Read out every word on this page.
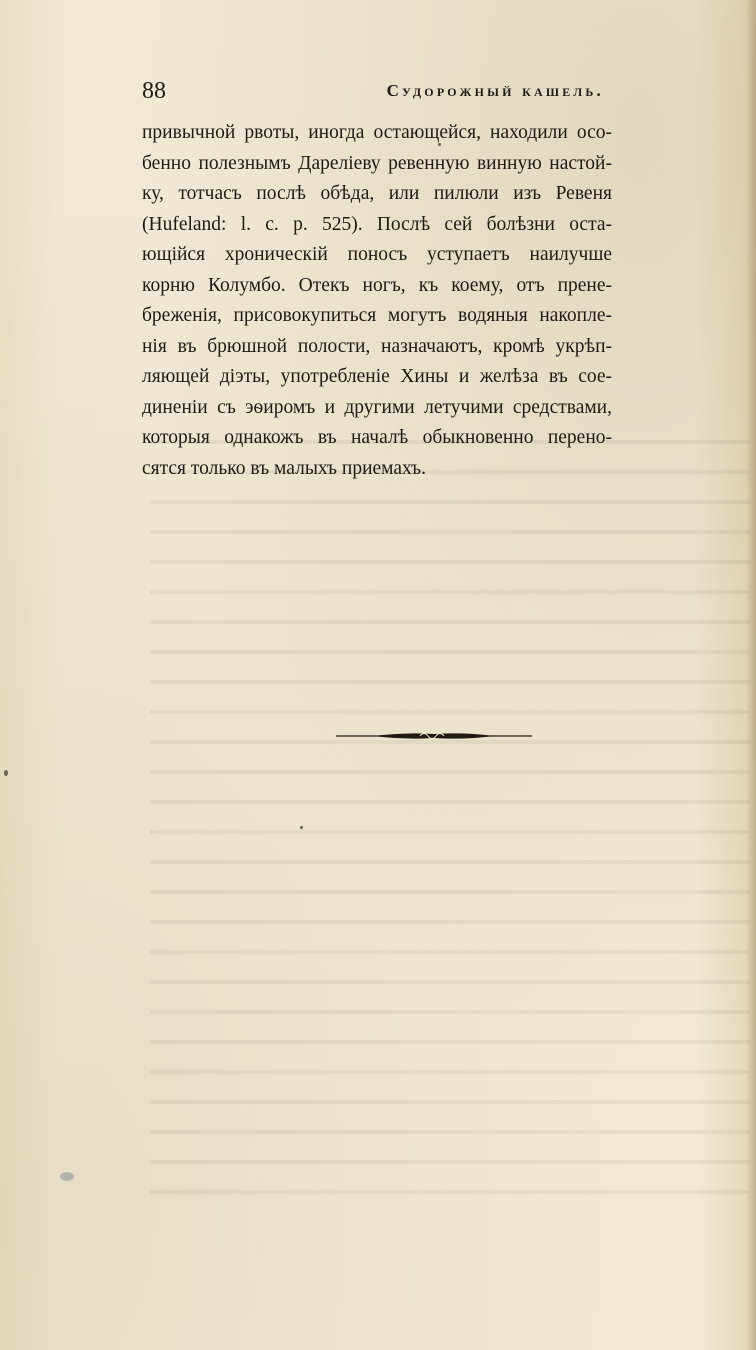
88	Судорожный кашель.
привычной рвоты, иногда остающейся, находили осо-
бенно полезнымъ Дареліеву ревенную винную настой-
ку, тотчасъ послѣ обѣда, или пилюли изъ Ревеня
(Hufeland: l. c. p. 525). Послѣ сей болѣзни оста-
ющійся хроническій поносъ уступаетъ наилучше
корню Колумбо. Отекъ ногъ, къ коему, отъ прене-
бреженія, присовокупиться могутъ водяныя накопле-
нія въ брюшной полости, назначаютъ, кромѣ укрѣп-
ляющей діэты, употребленіе Хины и желѣза въ сое-
диненіи съ эѳиромъ и другими летучими средствами,
которыя однакожъ въ началѣ обыкновенно перено-
сятся только въ малыхъ приемахъ.
